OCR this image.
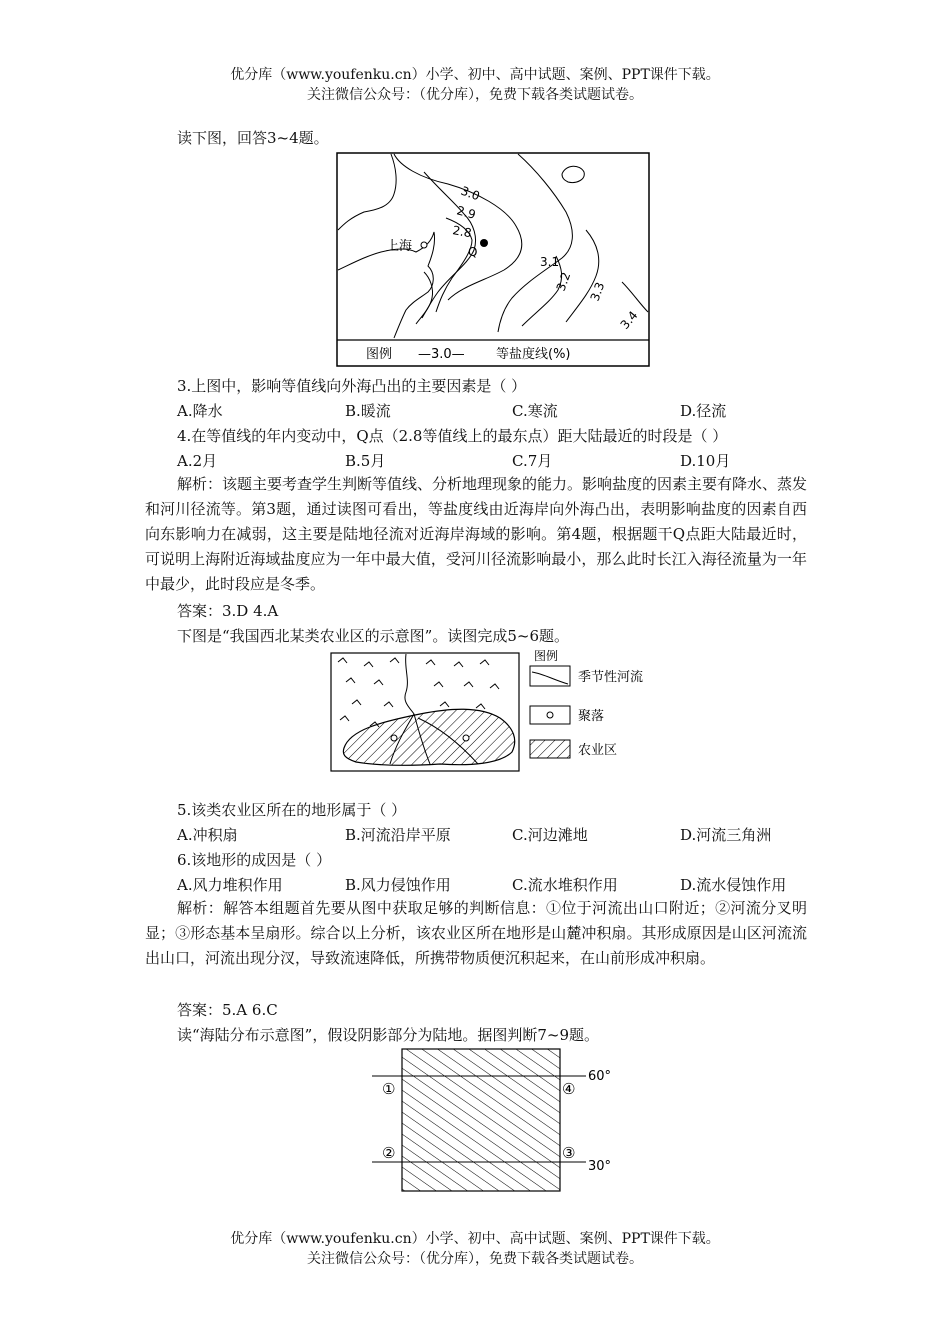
优分库（www.youfenku.cn）小学、初中、高中试题、案例、PPT课件下载。
关注微信公众号：（优分库），免费下载各类试题试卷。
读下图，回答3~4题。
上海	Q
3.0
2.9
2.8
3.1
3.2 3.3
3.4
图例 —3.0— 等盐度线(%)
3.上图中，影响等值线向外海凸出的主要因素是（ ）
A.降水	B.暖流	C.寒流	D.径流
4.在等值线的年内变动中，Q点（2.8等值线上的最东点）距大陆最近的时段是（ ）
A.2月	B.5月	C.7月	D.10月
解析：该题主要考查学生判断等值线、分析地理现象的能力。影响盐度的因素主要有降水、蒸发和河川径流等。第3题，通过读图可看出，等盐度线由近海岸向外海凸出，表明影响盐度的因素自西向东影响力在减弱，这主要是陆地径流对近海岸海域的影响。第4题，根据题干Q点距大陆最近时，可说明上海附近海域盐度应为一年中最大值，受河川径流影响最小，那么此时长江入海径流量为一年中最少，此时段应是冬季。
答案：3.D 4.A
下图是“我国西北某类农业区的示意图”。读图完成5~6题。
图例
季节性河流
聚落
农业区
5.该类农业区所在的地形属于（ ）
A.冲积扇	B.河流沿岸平原	C.河边滩地	D.河流三角洲
6.该地形的成因是（ ）
A.风力堆积作用	B.风力侵蚀作用	C.流水堆积作用	D.流水侵蚀作用
解析：解答本组题首先要从图中获取足够的判断信息：①位于河流出山口附近；②河流分叉明显；③形态基本呈扇形。综合以上分析，该农业区所在地形是山麓冲积扇。其形成原因是山区河流流出山口，河流出现分汊，导致流速降低，所携带物质便沉积起来，在山前形成冲积扇。
答案：5.A 6.C
读“海陆分布示意图”，假设阴影部分为陆地。据图判断7~9题。
60°
30°
①
②	③
④
优分库（www.youfenku.cn）小学、初中、高中试题、案例、PPT课件下载。
关注微信公众号：（优分库），免费下载各类试题试卷。
